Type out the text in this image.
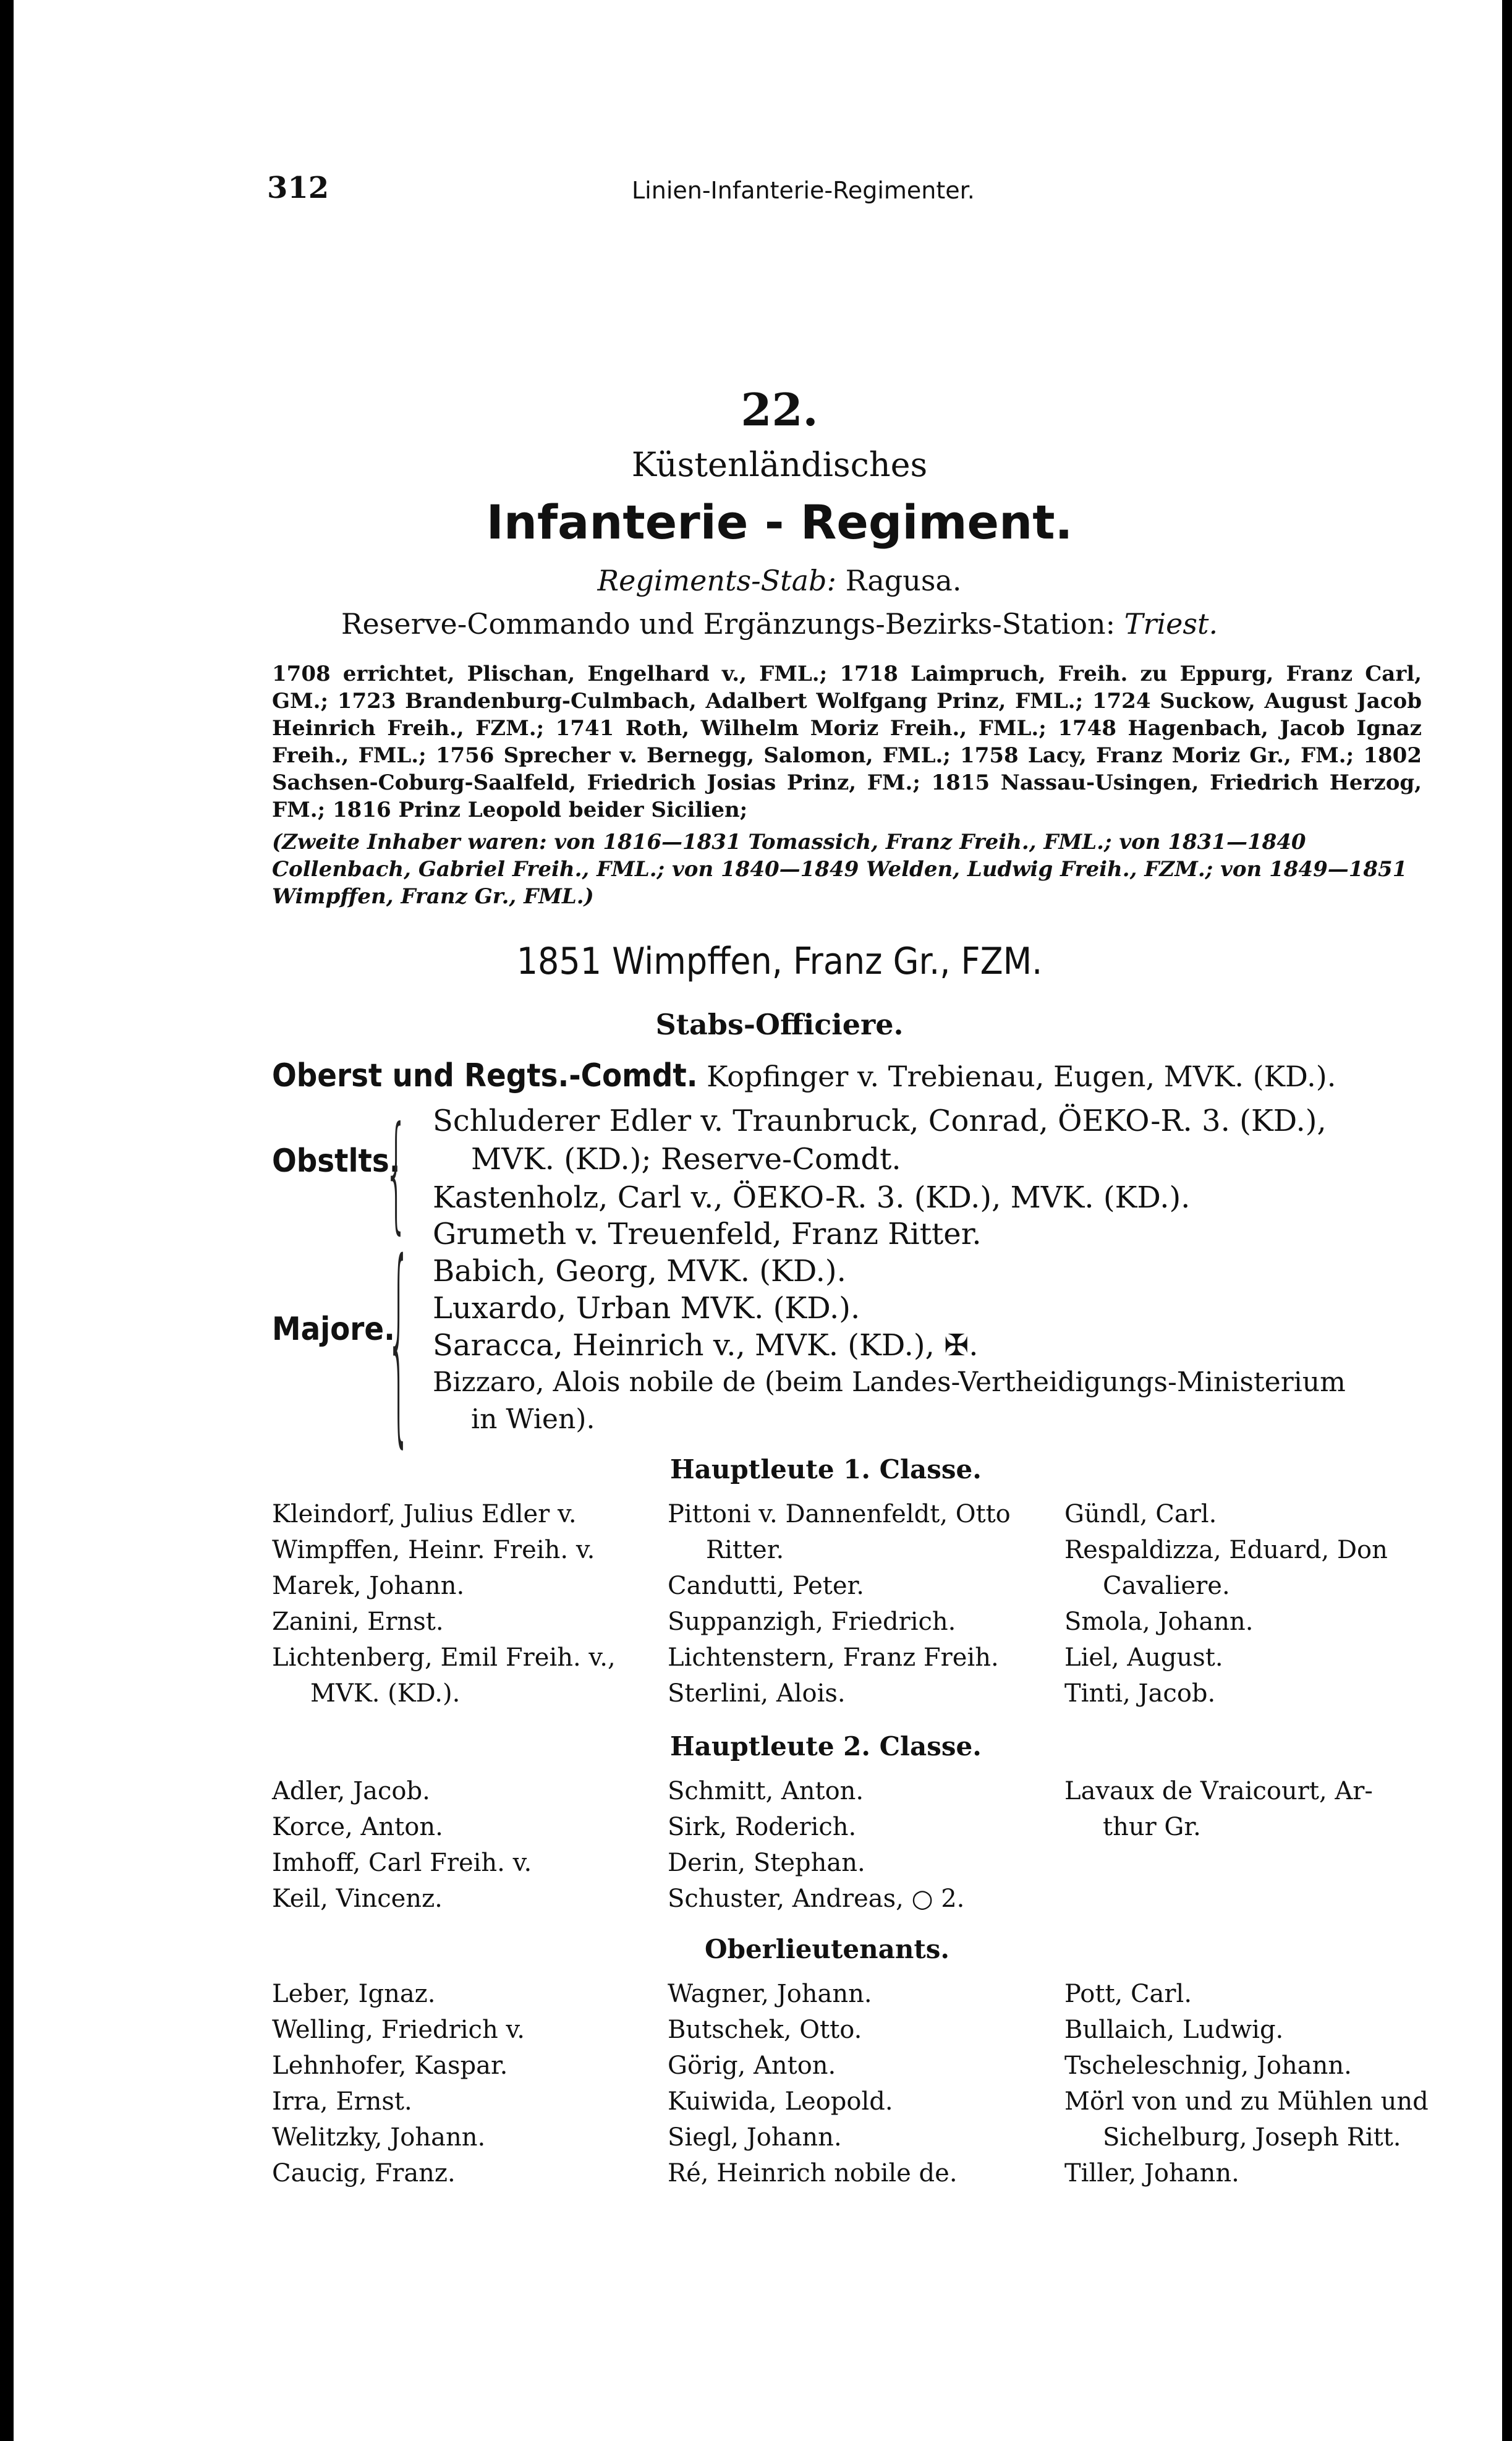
312	Linien-Infanterie-Regimenter.
22.
Küstenländisches
Infanterie - Regiment.
Regiments-Stab: Ragusa.
Reserve-Commando und Ergänzungs-Bezirks-Station: Triest.
1708 errichtet, Plischan, Engelhard v., FML.; 1718 Laimpruch, Freih. zu Eppurg, Franz Carl, GM.; 1723 Brandenburg-Culmbach, Adalbert Wolfgang Prinz, FML.; 1724 Suckow, August Jacob Heinrich Freih., FZM.; 1741 Roth, Wilhelm Moriz Freih., FML.; 1748 Hagenbach, Jacob Ignaz Freih., FML.; 1756 Sprecher v. Bernegg, Salomon, FML.; 1758 Lacy, Franz Moriz Gr., FM.; 1802 Sachsen-Coburg-Saalfeld, Friedrich Josias Prinz, FM.; 1815 Nassau-Usingen, Friedrich Herzog, FM.; 1816 Prinz Leopold beider Sicilien;
(Zweite Inhaber waren: von 1816—1831 Tomassich, Franz Freih., FML.; von 1831—1840 Collenbach, Gabriel Freih., FML.; von 1840—1849 Welden, Ludwig Freih., FZM.; von 1849—1851 Wimpffen, Franz Gr., FML.)
1851 Wimpffen, Franz Gr., FZM.
Stabs-Officiere.
Oberst und Regts.-Comdt. Kopfinger v. Trebienau, Eugen, MVK. (KD.).
Obstlts.
{ Schluderer Edler v. Traunbruck, Conrad, ÖEKO-R. 3. (KD.),
MVK. (KD.); Reserve-Comdt.
Kastenholz, Carl v., ÖEKO-R. 3. (KD.), MVK. (KD.).
Majore.
{ Grumeth v. Treuenfeld, Franz Ritter.
Babich, Georg, MVK. (KD.).
Luxardo, Urban MVK. (KD.).
Saracca, Heinrich v., MVK. (KD.), ✠.
Bizzaro, Alois nobile de (beim Landes-Vertheidigungs-Ministerium
in Wien).
Hauptleute 1. Classe.
Kleindorf, Julius Edler v.
Wimpffen, Heinr. Freih. v.
Marek, Johann.
Zanini, Ernst.
Lichtenberg, Emil Freih. v.,
MVK. (KD.).
Pittoni v. Dannenfeldt, Otto
Ritter.
Candutti, Peter.
Suppanzigh, Friedrich.
Lichtenstern, Franz Freih.
Sterlini, Alois.
Gündl, Carl.
Respaldizza, Eduard, Don
Cavaliere.
Smola, Johann.
Liel, August.
Tinti, Jacob.
Hauptleute 2. Classe.
Adler, Jacob.
Korce, Anton.
Imhoff, Carl Freih. v.
Keil, Vincenz.
Schmitt, Anton.
Sirk, Roderich.
Derin, Stephan.
Schuster, Andreas, ○ 2.
Lavaux de Vraicourt, Ar-
thur Gr.
Oberlieutenants.
Leber, Ignaz.
Welling, Friedrich v.
Lehnhofer, Kaspar.
Irra, Ernst.
Welitzky, Johann.
Caucig, Franz.
Wagner, Johann.
Butschek, Otto.
Görig, Anton.
Kuiwida, Leopold.
Siegl, Johann.
Ré, Heinrich nobile de.
Pott, Carl.
Bullaich, Ludwig.
Tscheleschnig, Johann.
Mörl von und zu Mühlen und
Sichelburg, Joseph Ritt.
Tiller, Johann.
